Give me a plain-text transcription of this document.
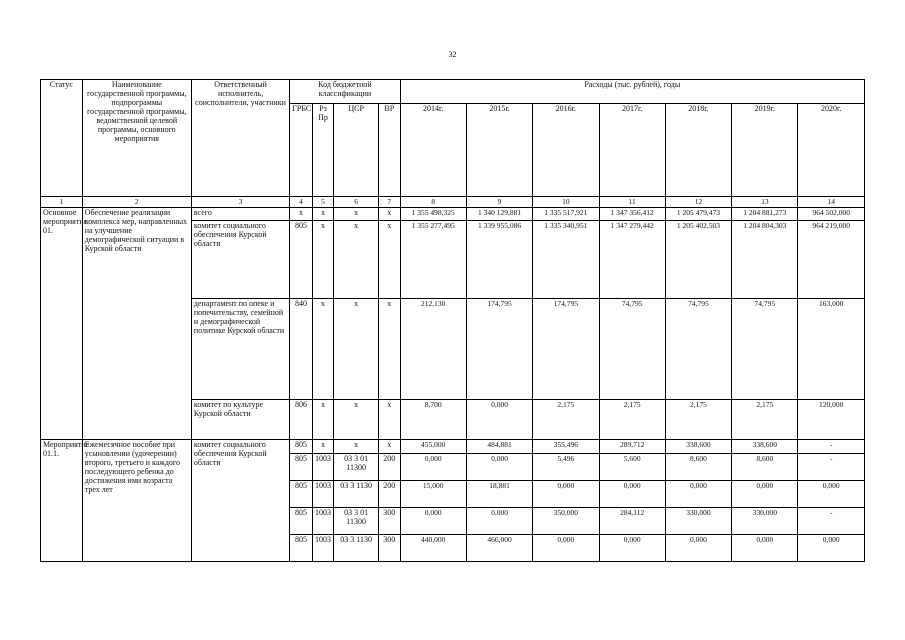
32
Статус	Наименование государственной программы, подпрограммы государственной программы, ведомственной целевой программы, основного мероприятия	Ответственный исполнитель, соисполнители, участники	Код бюджетной классификации				Расходы (тыс. рублей), годы						
			ГРБС	Рз Пр	ЦСР	ВР	2014г.	2015г.	2016г.	2017г.	2018г.	2019г.	2020г.
1	2	3	4	5	6	7	8	9	10	11	12	13	14
Основное мероприятие 01.	Обеспечение реализации комплекса мер, направленных на улучшение демографической ситуации в Курской области	всего	х	х	х	х	1 355 498,325	1 340 129,881	1 335 517,921	1 347 356,412	1 205 479,473	1 204 881,273	964 502,000
		комитет социального обеспечения Курской области	805	х	х	х	1 355 277,495	1 339 955,086	1 335 340,951	1 347 279,442	1 205 402,503	1 204 804,303	964 219,000
		департамент по опеке и попечительству, семейной и демографической политике Курской области	840	х	х	х	212,130	174,795	174,795	74,795	74,795	74,795	163,000
		комитет по культуре Курской области	806	х	х	х	8,700	0,000	2,175	2,175	2,175	2,175	120,000
Мероприятие 01.1.	Ежемесячное пособие при усыновлении (удочерении) второго, третьего и каждого последующего ребенка до достижения ими возраста трех лет	комитет социального обеспечения Курской области	805	х	х	х	455,000	484,881	355,496	289,712	338,600	338,600	-
			805	1003	03 3 01 11300	200	0,000	0,000	5,496	5,600	8,600	8,600	-
			805	1003	03 3 1130	200	15,000	18,881	0,000	0,000	0,000	0,000	0,000
			805	1003	03 3 01 11300	300	0,000	0,000	350,000	284,112	330,000	330,000	-
			805	1003	03 3 1130	300	440,000	466,000	0,000	0,000	0,000	0,000	0,000
